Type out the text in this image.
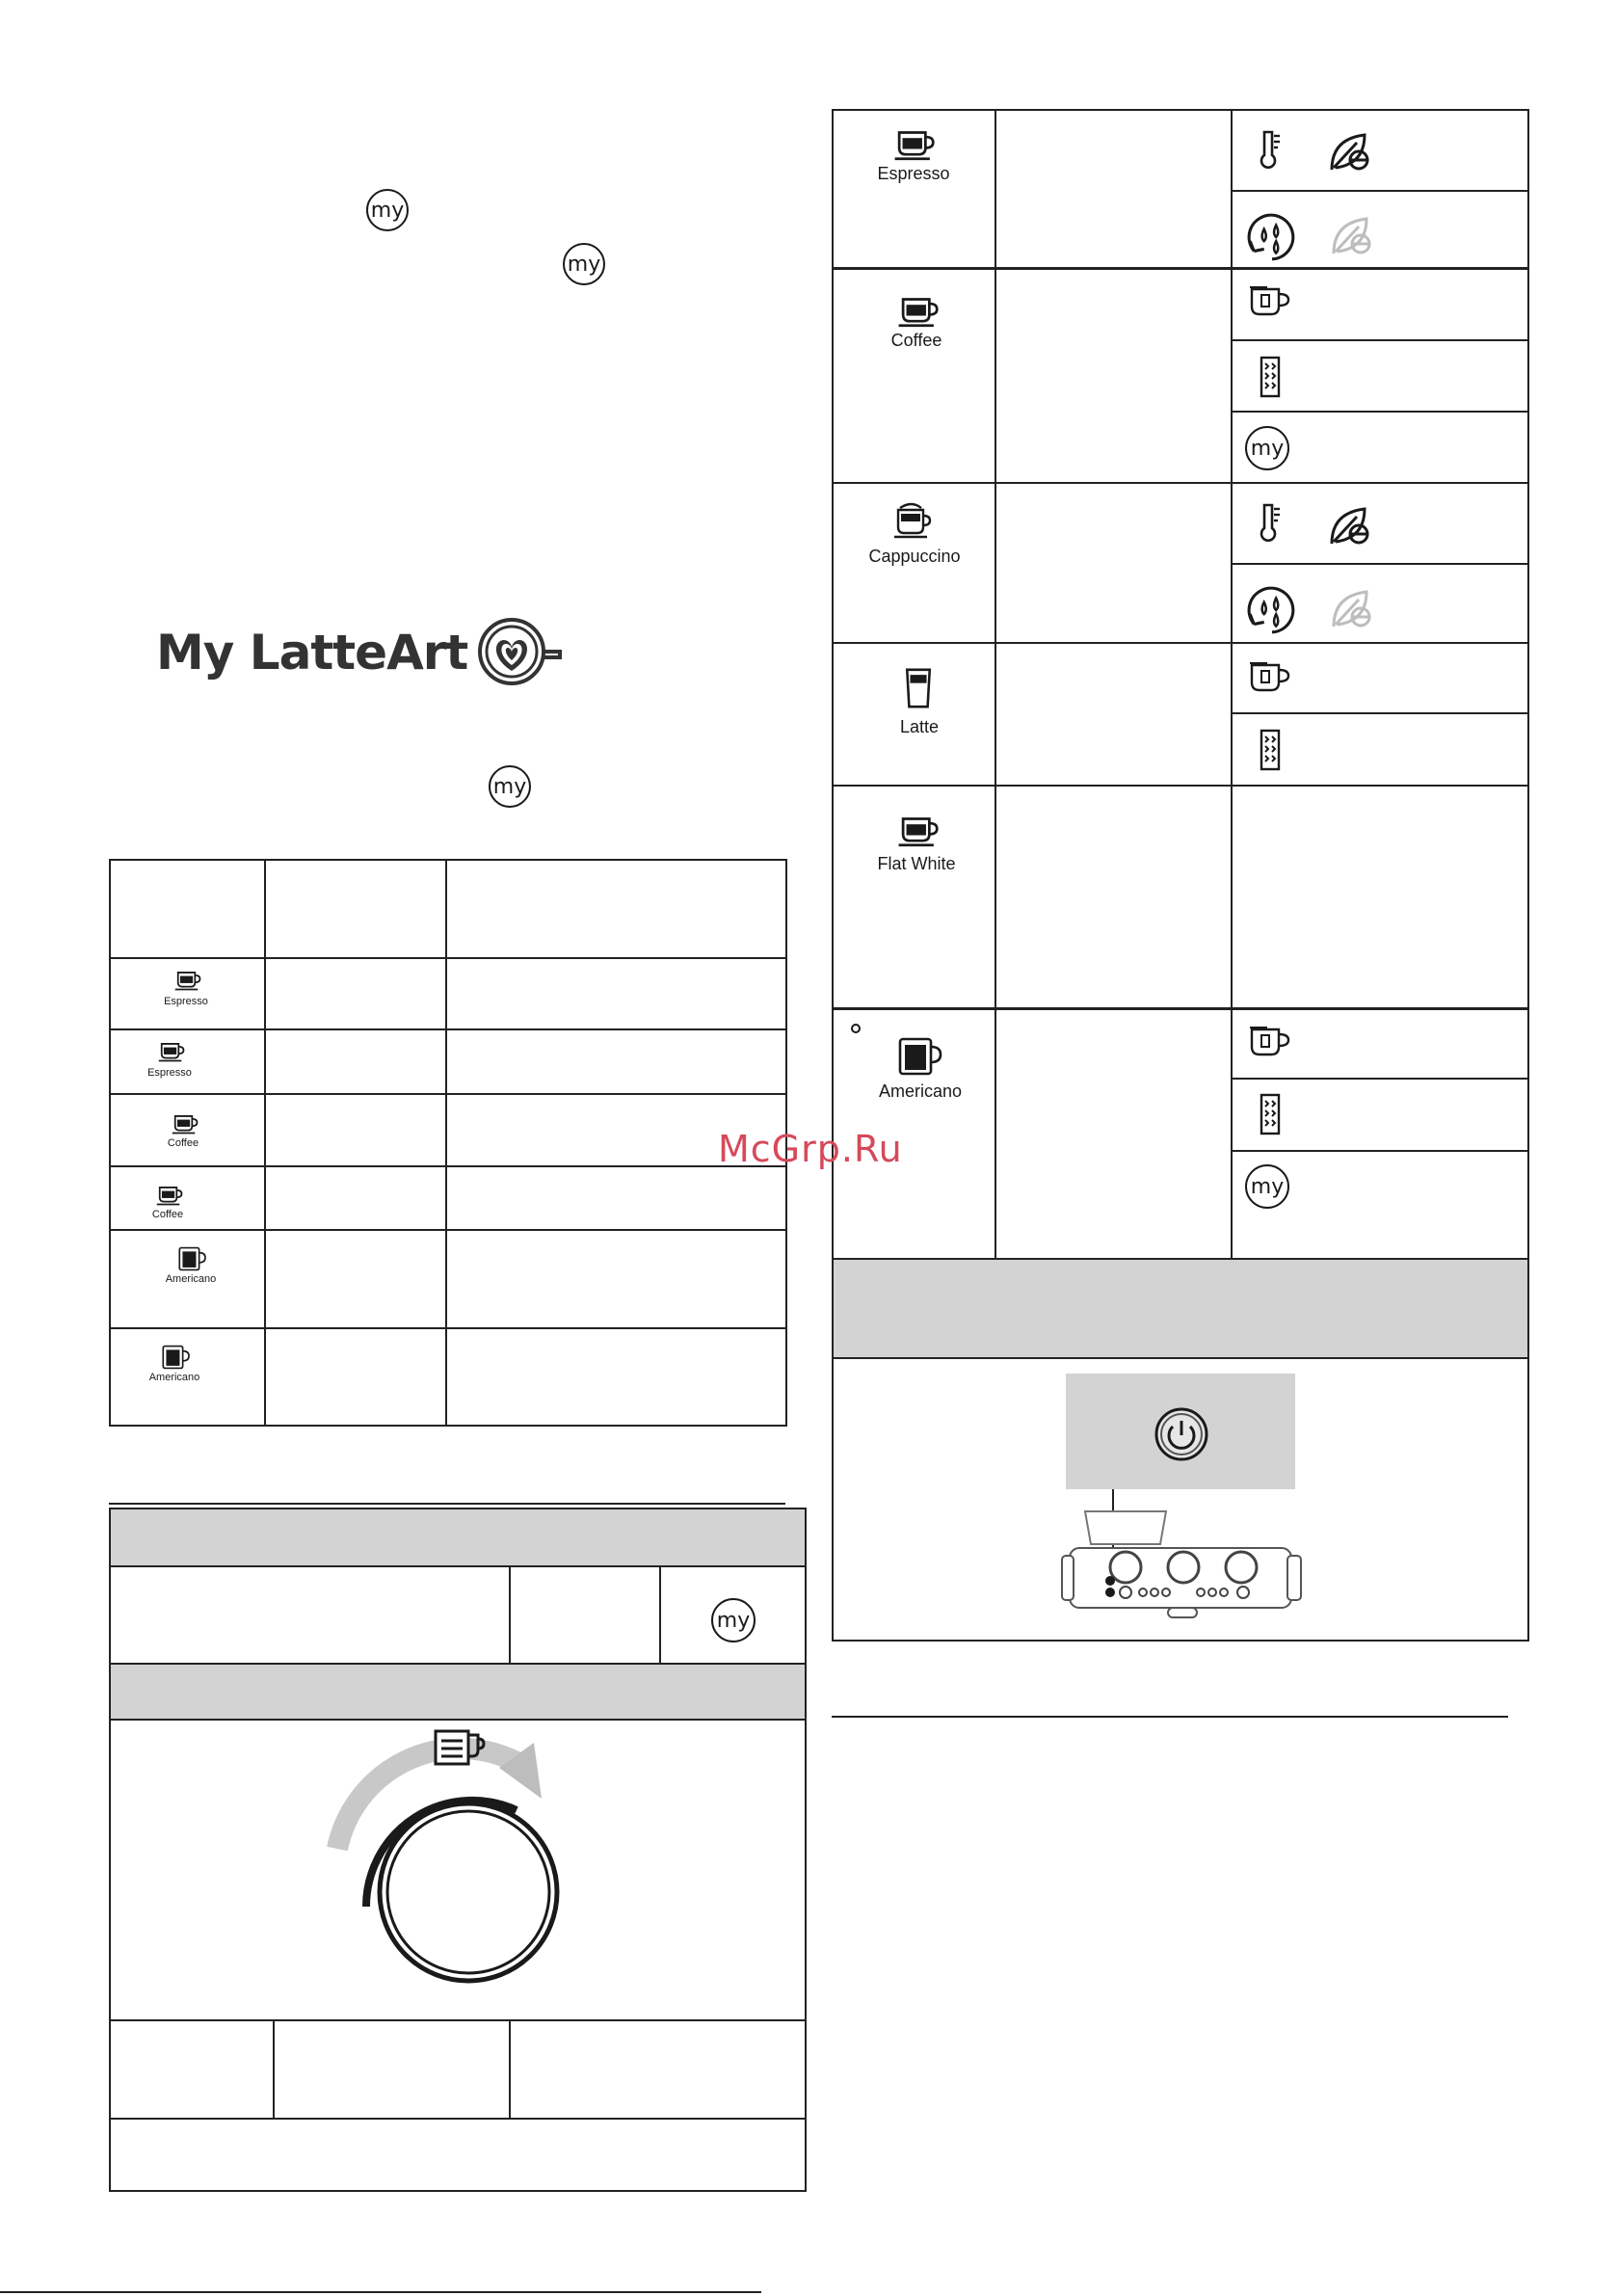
my
my
My LatteArt
my
Espresso
Espresso
Coffee
Coffee
Americano
Americano
my
Espresso
Coffee
my
Cappuccino
Latte
Flat White
Americano
my
McGrp.Ru
